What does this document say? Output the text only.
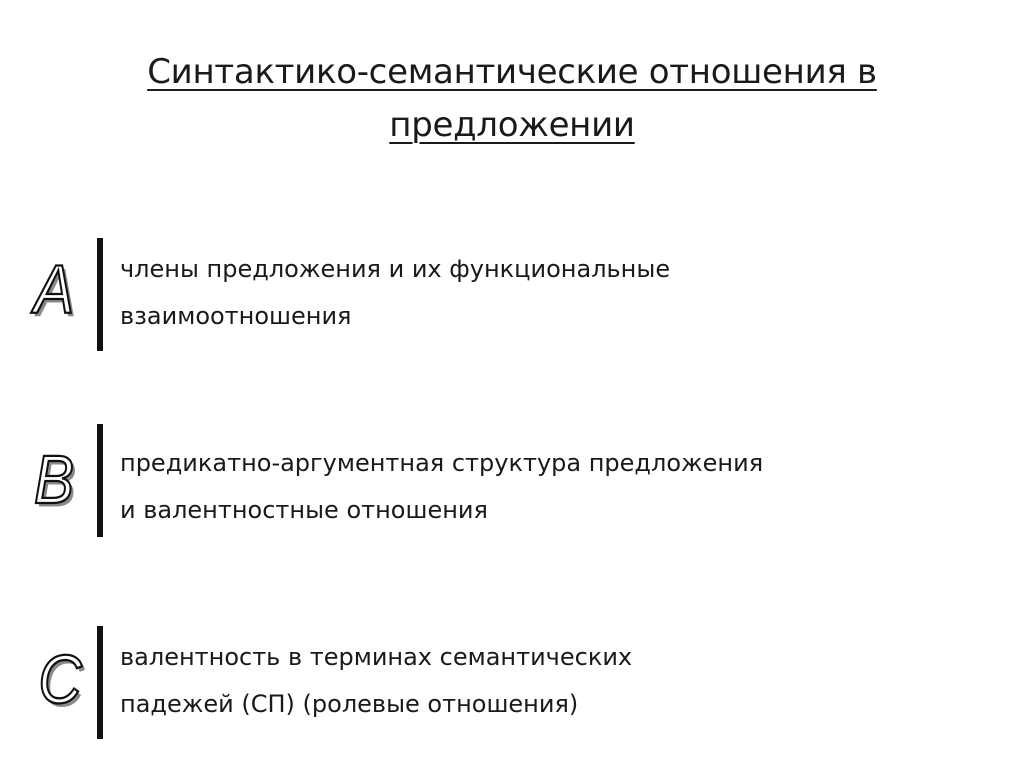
Синтактико-семантические отношения в
предложении
A	члены предложения и их функциональные
взаимоотношения
B	предикатно-аргументная структура предложения
и валентностные отношения
C	валентность в терминах семантических
падежей (СП) (ролевые отношения)
